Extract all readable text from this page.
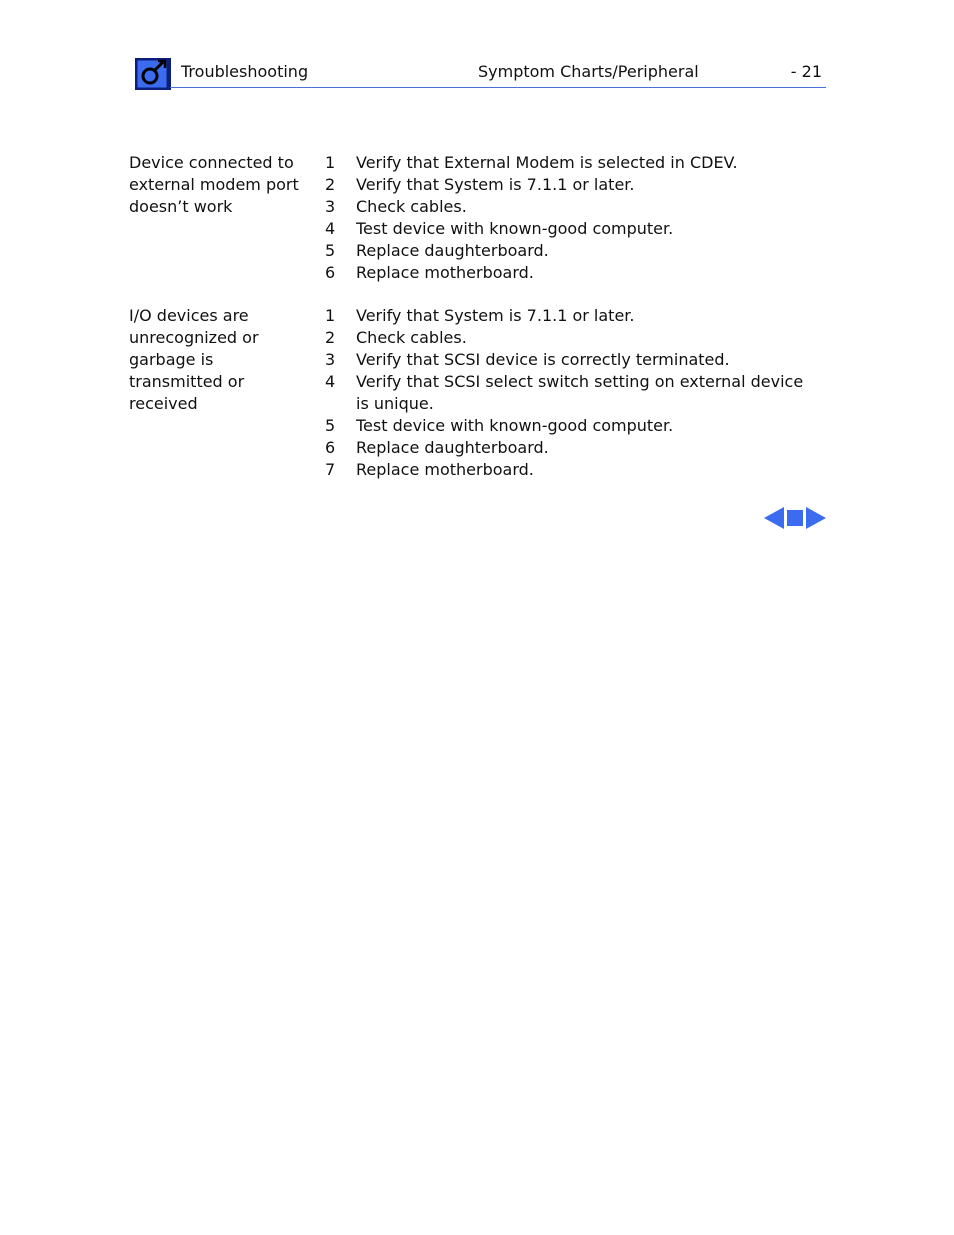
Troubleshooting	Symptom Charts/Peripheral	- 21
Device connected to external modem port doesn’t work
1 Verify that External Modem is selected in CDEV.
2 Verify that System is 7.1.1 or later.
3 Check cables.
4 Test device with known-good computer.
5 Replace daughterboard.
6 Replace motherboard.
I/O devices are unrecognized or garbage is transmitted or received
1 Verify that System is 7.1.1 or later.
2 Check cables.
3 Verify that SCSI device is correctly terminated.
4 Verify that SCSI select switch setting on external device is unique.
5 Test device with known-good computer.
6 Replace daughterboard.
7 Replace motherboard.
